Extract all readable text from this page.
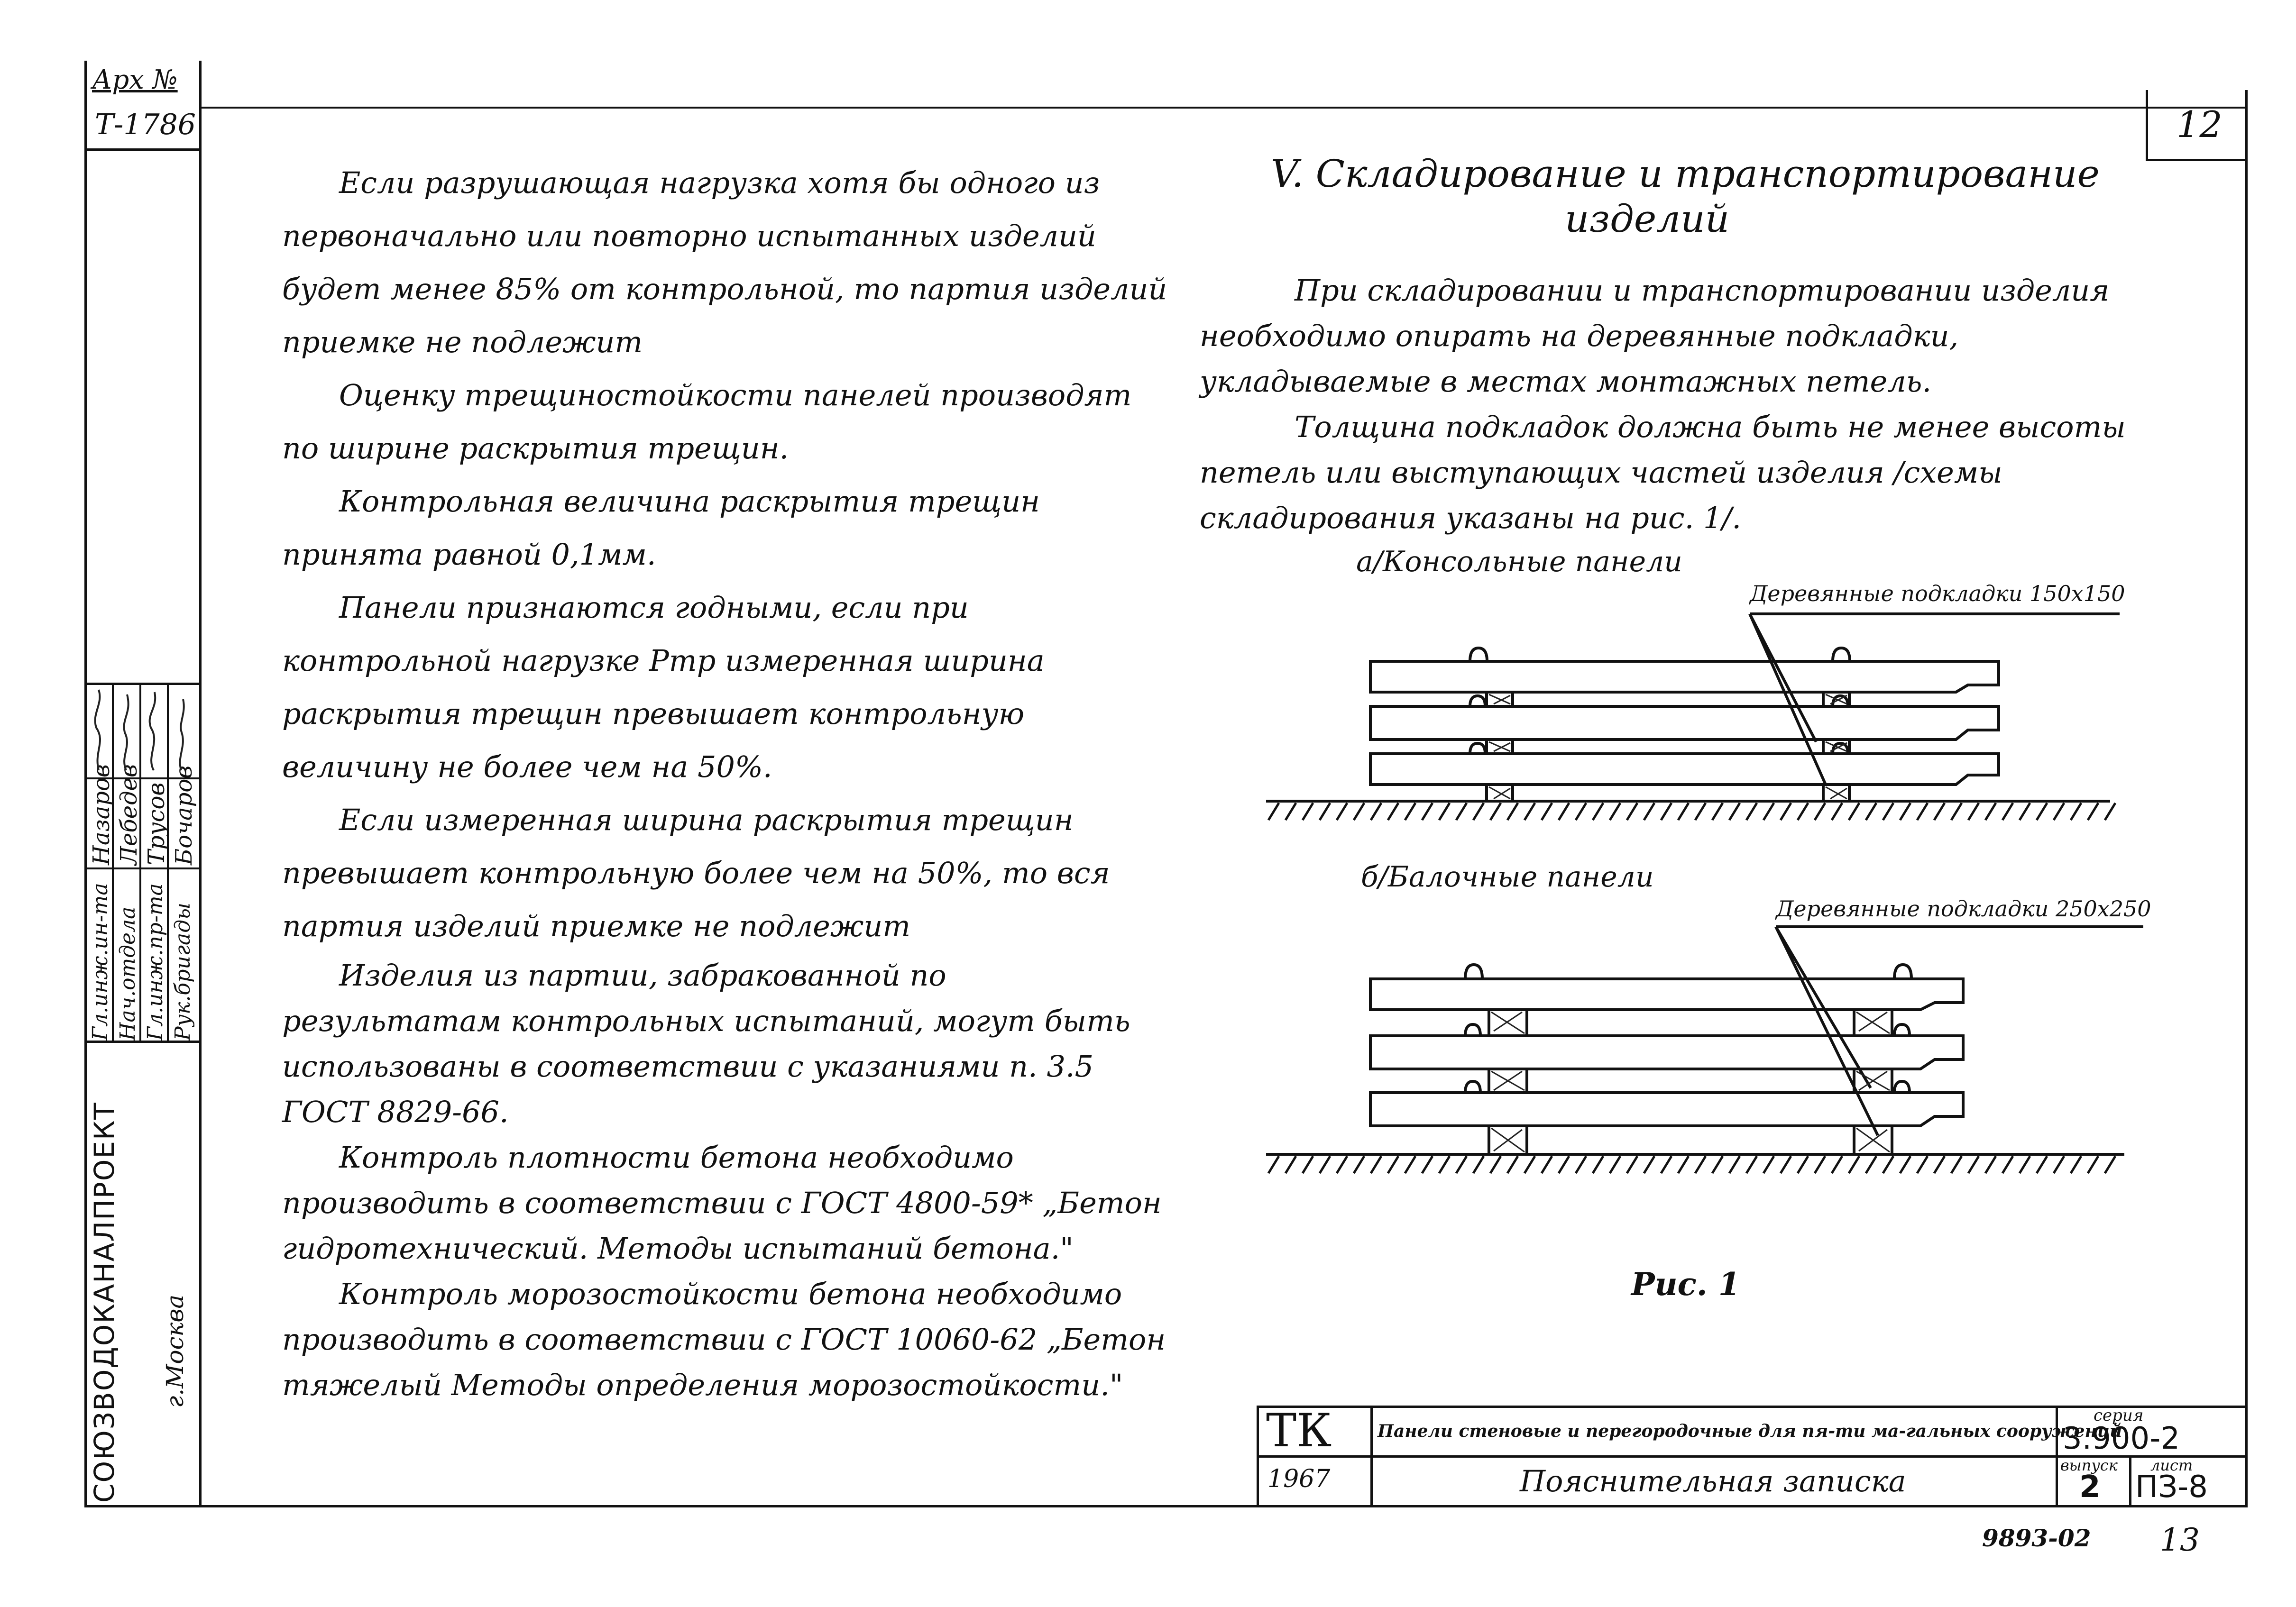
Арх №
Т-1786	12
Гл.инж.ин-та Нач.отдела Гл.инж.пр-та Рук.бригады
Назаров Лебедев Трусов Бочаров
СОЮЗВОДОКАНАЛПРОЕКТ г.Москва

Если разрушающая нагрузка хотя бы одного из первоначально или повторно испытанных изделий будет менее 85% от контрольной, то партия изделий приемке не подлежит

Оценку трещиностойкости панелей производят по ширине раскрытия трещин.

Контрольная величина раскрытия трещин принята равной 0,1мм.

Панели признаются годными, если при контрольной нагрузке Ртр измеренная ширина раскрытия трещин превышает контрольную величину не более чем на 50%.

Если измеренная ширина раскрытия трещин превышает контрольную более чем на 50%, то вся партия изделий приемке не подлежит

Изделия из партии, забракованной по результатам контрольных испытаний, могут быть использованы в соответствии с указаниями п. 3.5 ГОСТ 8829-66.

Контроль плотности бетона необходимо производить в соответствии с ГОСТ 4800-59* „Бетон гидротехнический. Методы испытаний бетона."

Контроль морозостойкости бетона необходимо производить в соответствии с ГОСТ 10060-62 „Бетон тяжелый Методы определения морозостойкости."

V. Складирование и транспортирование
изделий

При складировании и транспортировании изделия необходимо опирать на деревянные подкладки, укладываемые в местах монтажных петель.

Толщина подкладок должна быть не менее высоты петель или выступающих частей изделия /схемы складирования указаны на рис. 1/.

а/Консольные панели
Деревянные подкладки 150х150
б/Балочные панели
Деревянные подкладки 250х250
Рис. 1
ТК
1967
Панели стеновые и перегородочные для пя-ти ма-гальных сооружений
Пояснительная записка
серия
3.900-2
выпуск
2
лист
ПЗ-8
9893-02 13
